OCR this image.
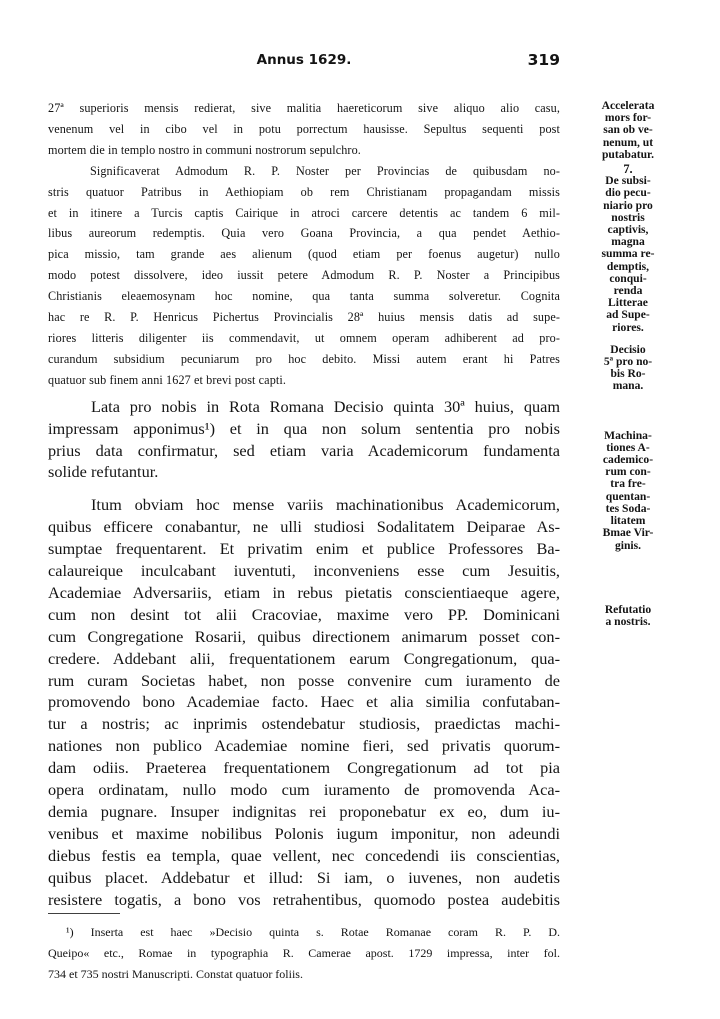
Annus 1629.	319
27ª superioris mensis redierat, sive malitia haereticorum sive aliquo alio casu,
venenum vel in cibo vel in potu porrectum hausisse. Sepultus sequenti post
mortem die in templo nostro in communi nostrorum sepulchro.
Significaverat Admodum R. P. Noster per Provincias de quibusdam no-
stris quatuor Patribus in Aethiopiam ob rem Christianam propagandam missis
et in itinere a Turcis captis Cairique in atroci carcere detentis ac tandem 6 mil-
libus aureorum redemptis. Quia vero Goana Provincia, a qua pendet Aethio-
pica missio, tam grande aes alienum (quod etiam per foenus augetur) nullo
modo potest dissolvere, ideo iussit petere Admodum R. P. Noster a Principibus
Christianis eleaemosynam hoc nomine, qua tanta summa solveretur. Cognita
hac re R. P. Henricus Pichertus Provincialis 28ª huius mensis datis ad supe-
riores litteris diligenter iis commendavit, ut omnem operam adhiberent ad pro-
curandum subsidium pecuniarum pro hoc debito. Missi autem erant hi Patres
quatuor sub finem anni 1627 et brevi post capti.
Lata pro nobis in Rota Romana Decisio quinta 30ª huius, quam
impressam apponimus¹) et in qua non solum sententia pro nobis
prius data confirmatur, sed etiam varia Academicorum fundamenta
solide refutantur.
Itum obviam hoc mense variis machinationibus Academicorum,
quibus efficere conabantur, ne ulli studiosi Sodalitatem Deiparae As-
sumptae frequentarent. Et privatim enim et publice Professores Ba-
calaureique inculcabant iuventuti, inconveniens esse cum Jesuitis,
Academiae Adversariis, etiam in rebus pietatis conscientiaeque agere,
cum non desint tot alii Cracoviae, maxime vero PP. Dominicani
cum Congregatione Rosarii, quibus directionem animarum posset con-
credere. Addebant alii, frequentationem earum Congregationum, qua-
rum curam Societas habet, non posse convenire cum iuramento de
promovendo bono Academiae facto. Haec et alia similia confutaban-
tur a nostris; ac inprimis ostendebatur studiosis, praedictas machi-
nationes non publico Academiae nomine fieri, sed privatis quorum-
dam odiis. Praeterea frequentationem Congregationum ad tot pia
opera ordinatam, nullo modo cum iuramento de promovenda Aca-
demia pugnare. Insuper indignitas rei proponebatur ex eo, dum iu-
venibus et maxime nobilibus Polonis iugum imponitur, non adeundi
diebus festis ea templa, quae vellent, nec concedendi iis conscientias,
quibus placet. Addebatur et illud: Si iam, o iuvenes, non audetis
resistere togatis, a bono vos retrahentibus, quomodo postea audebitis
Accelerata
mors for-
san ob ve-
nenum, ut
putabatur.
7.
De subsi-
dio pecu-
niario pro
nostris
captivis,
magna
summa re-
demptis,
conqui-
renda
Litterae
ad Supe-
riores.
Decisio
5ª pro no-
bis Ro-
mana.
Machina-
tiones A-
cademico-
rum con-
tra fre-
quentan-
tes Soda-
litatem
Bmae Vir-
ginis.
Refutatio
a nostris.
¹) Inserta est haec »Decisio quinta s. Rotae Romanae coram R. P. D.
Queipo« etc., Romae in typographia R. Camerae apost. 1729 impressa, inter fol.
734 et 735 nostri Manuscripti. Constat quatuor foliis.
